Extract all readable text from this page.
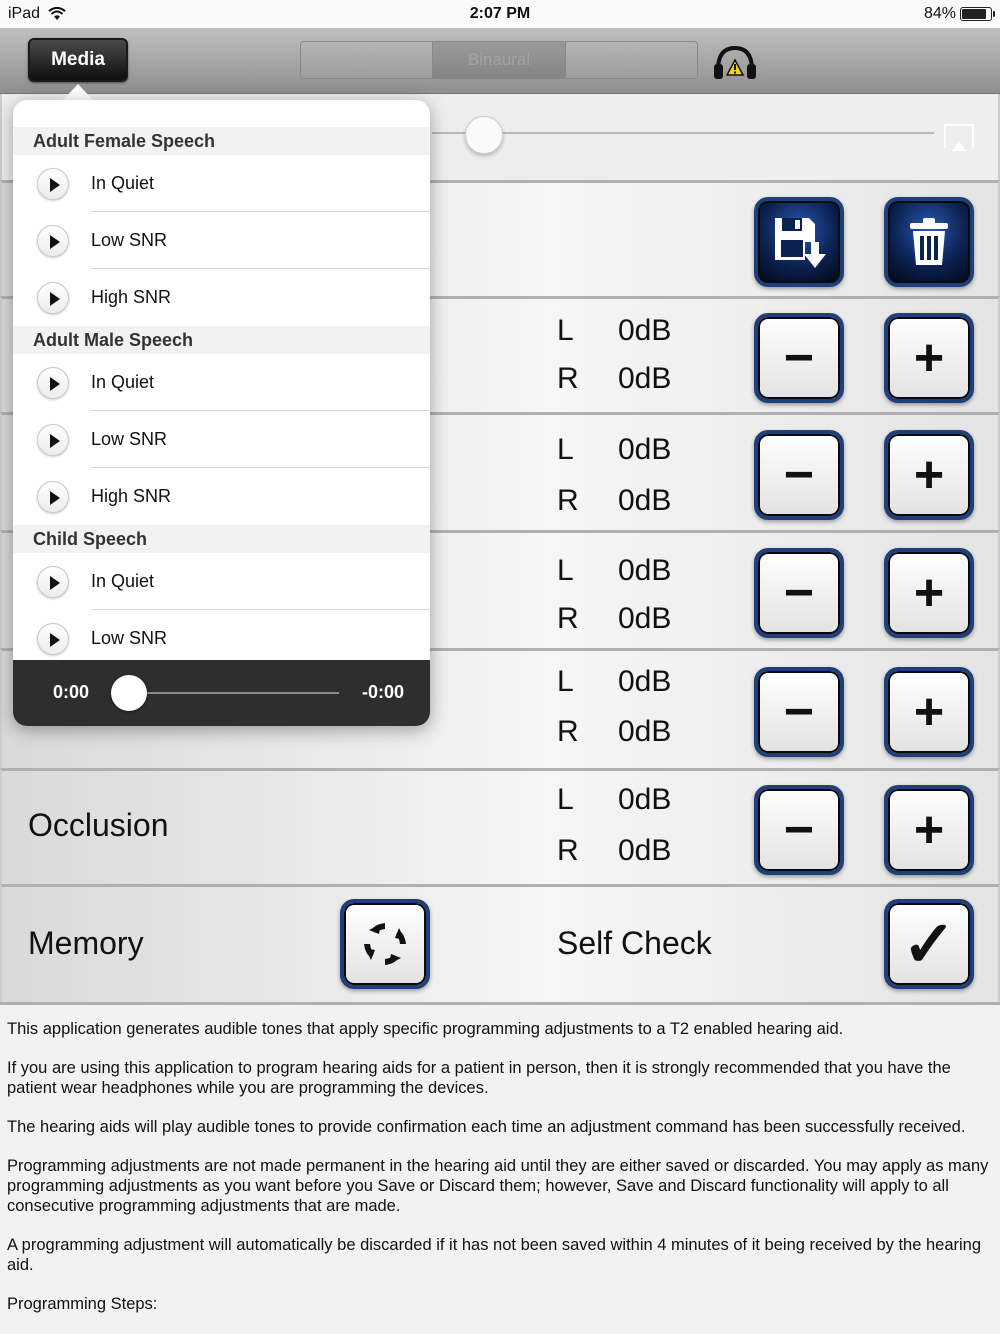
iPad	2:07 PM	84%
Media	Left	Binaural	Right
L 0dB
R 0dB − +
L 0dB
R 0dB − +
L 0dB
R 0dB − +
L 0dB
R 0dB − +
Occlusion
L 0dB
R 0dB − +
Memory	Self Check	✓

This application generates audible tones that apply specific programming adjustments to a T2 enabled hearing aid.

If you are using this application to program hearing aids for a patient in person, then it is strongly recommended that you have the patient wear headphones while you are programming the devices.

The hearing aids will play audible tones to provide confirmation each time an adjustment command has been successfully received.

Programming adjustments are not made permanent in the hearing aid until they are either saved or discarded. You may apply as many programming adjustments as you want before you Save or Discard them; however, Save and Discard functionality will apply to all consecutive programming adjustments that are made.

A programming adjustment will automatically be discarded if it has not been saved within 4 minutes of it being received by the hearing aid.

Programming Steps:

Adult Female Speech
In Quiet
Low SNR
High SNR
Adult Male Speech
In Quiet
Low SNR
High SNR
Child Speech
In Quiet
Low SNR
0:00	-0:00
